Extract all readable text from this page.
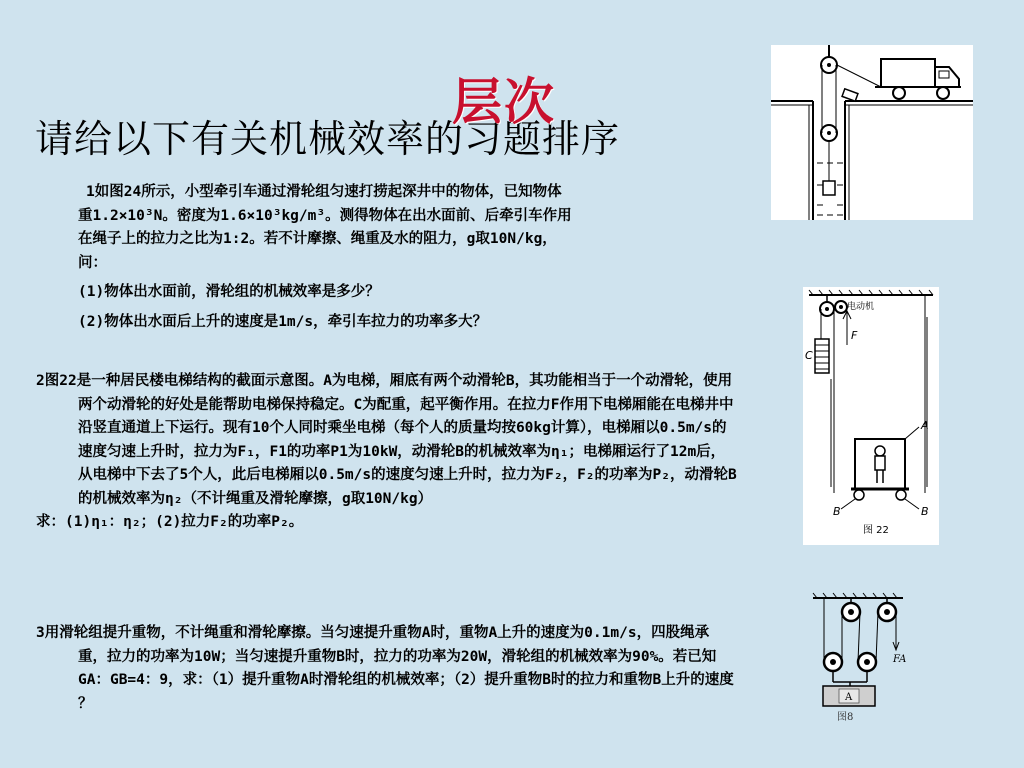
层次
请给以下有关机械效率的习题排序

1如图24所示，小型牵引车通过滑轮组匀速打捞起深井中的物体，已知物体

重1.2×10³N。密度为1.6×10³kg/m³。测得物体在出水面前、后牵引车作用

在绳子上的拉力之比为1:2。若不计摩擦、绳重及水的阻力，g取10N/kg，

问：

(1)物体出水面前，滑轮组的机械效率是多少？

(2)物体出水面后上升的速度是1m/s，牵引车拉力的功率多大？

2图22是一种居民楼电梯结构的截面示意图。A为电梯，厢底有两个动滑轮B，其功能相当于一个动滑轮，使用两个动滑轮的好处是能帮助电梯保持稳定。C为配重，起平衡作用。在拉力F作用下电梯厢能在电梯井中沿竖直通道上下运行。现有10个人同时乘坐电梯（每个人的质量均按60kg计算），电梯厢以0.5m/s的速度匀速上升时，拉力为F₁，F1的功率P1为10kW，动滑轮B的机械效率为η₁；电梯厢运行了12m后，从电梯中下去了5个人，此后电梯厢以0.5m/s的速度匀速上升时，拉力为F₂，F₂的功率为P₂，动滑轮B的机械效率为η₂（不计绳重及滑轮摩擦，g取10N/kg）

求：(1)η₁：η₂；(2)拉力F₂的功率P₂。

3用滑轮组提升重物，不计绳重和滑轮摩擦。当匀速提升重物A时，重物A上升的速度为0.1m/s，四股绳承重，拉力的功率为10W；当匀速提升重物B时，拉力的功率为20W，滑轮组的机械效率为90%。若已知GA：GB=4：9，求：（1）提升重物A时滑轮组的机械效率；（2）提升重物B时的拉力和重物B上升的速度 ？

电动机
C
F
A
B	B
图 22
FA
A
图8
